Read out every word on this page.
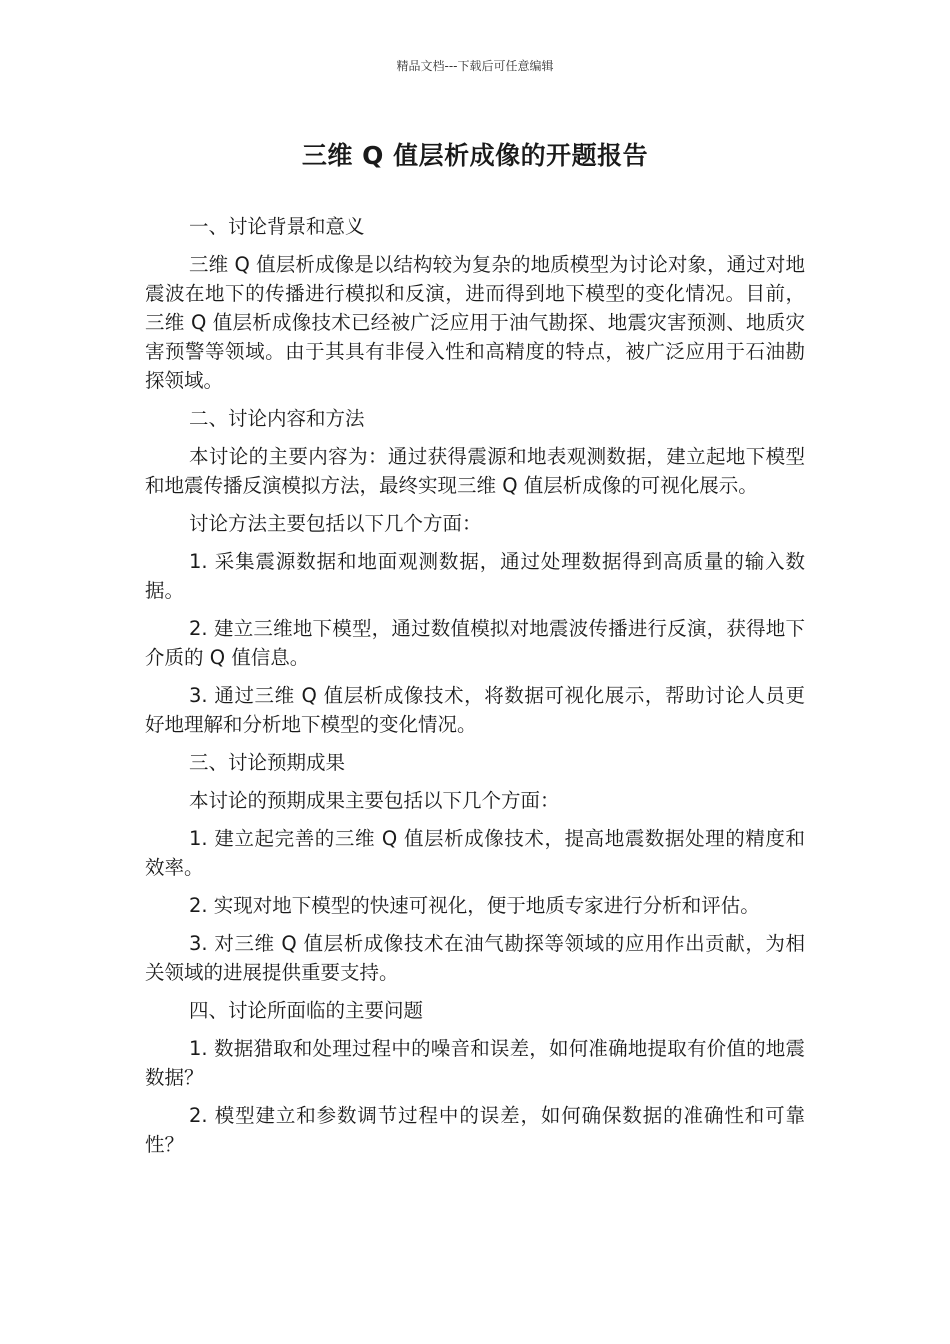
精品文档---下载后可任意编辑
三维 Q 值层析成像的开题报告

一、讨论背景和意义

三维 Q 值层析成像是以结构较为复杂的地质模型为讨论对象，通过对地震波在地下的传播进行模拟和反演，进而得到地下模型的变化情况。目前，三维 Q 值层析成像技术已经被广泛应用于油气勘探、地震灾害预测、地质灾害预警等领域。由于其具有非侵入性和高精度的特点，被广泛应用于石油勘探领域。

二、讨论内容和方法

本讨论的主要内容为：通过获得震源和地表观测数据，建立起地下模型和地震传播反演模拟方法，最终实现三维 Q 值层析成像的可视化展示。

讨论方法主要包括以下几个方面：

1. 采集震源数据和地面观测数据，通过处理数据得到高质量的输入数据。

2. 建立三维地下模型，通过数值模拟对地震波传播进行反演，获得地下介质的 Q 值信息。

3. 通过三维 Q 值层析成像技术，将数据可视化展示，帮助讨论人员更好地理解和分析地下模型的变化情况。

三、讨论预期成果

本讨论的预期成果主要包括以下几个方面：

1. 建立起完善的三维 Q 值层析成像技术，提高地震数据处理的精度和效率。

2. 实现对地下模型的快速可视化，便于地质专家进行分析和评估。

3. 对三维 Q 值层析成像技术在油气勘探等领域的应用作出贡献，为相关领域的进展提供重要支持。

四、讨论所面临的主要问题

1. 数据猎取和处理过程中的噪音和误差，如何准确地提取有价值的地震数据？

2. 模型建立和参数调节过程中的误差，如何确保数据的准确性和可靠性？
